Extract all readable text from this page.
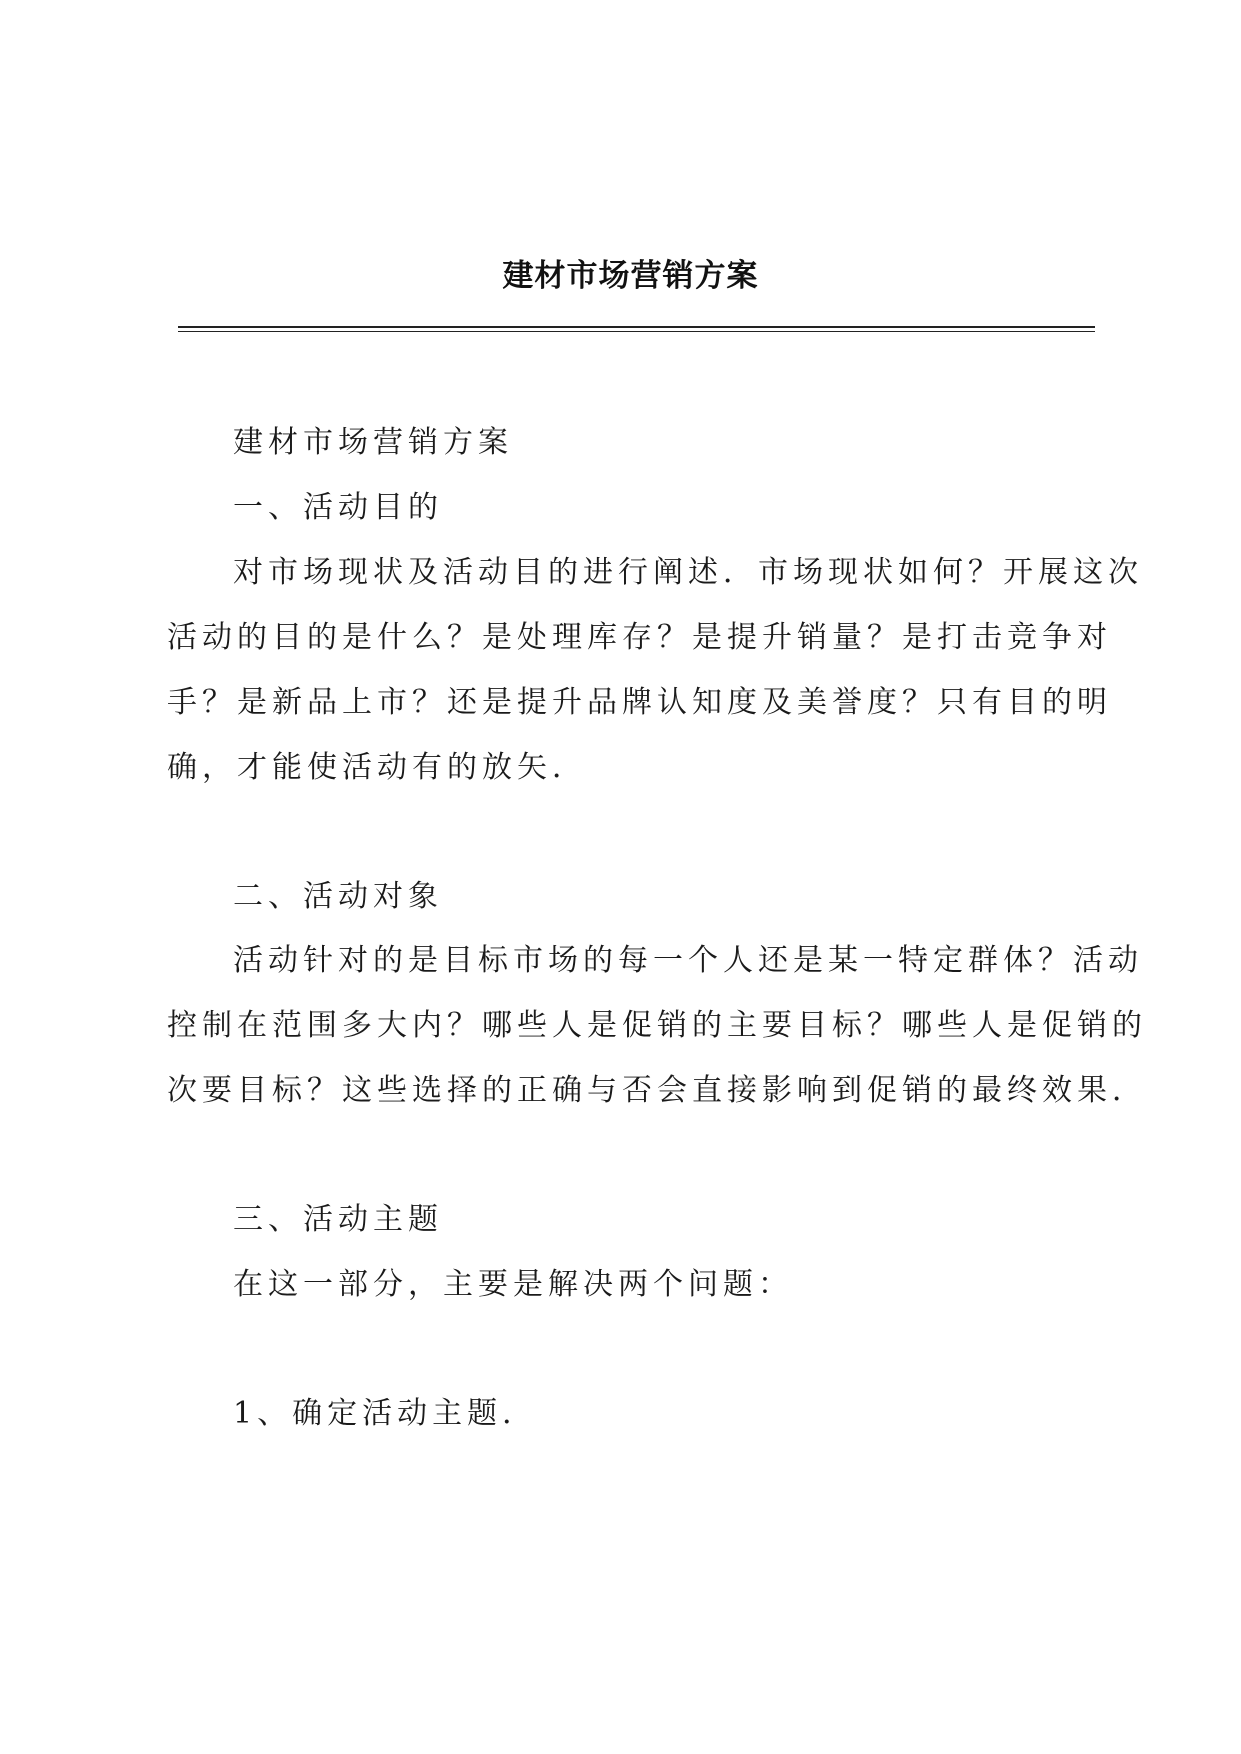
建材市场营销方案

建材市场营销方案

一、活动目的

对市场现状及活动目的进行阐述．市场现状如何？开展这次

活动的目的是什么？是处理库存？是提升销量？是打击竞争对

手？是新品上市？还是提升品牌认知度及美誉度？只有目的明

确，才能使活动有的放矢．

二、活动对象

活动针对的是目标市场的每一个人还是某一特定群体？活动

控制在范围多大内？哪些人是促销的主要目标？哪些人是促销的

次要目标？这些选择的正确与否会直接影响到促销的最终效果．

三、活动主题

在这一部分，主要是解决两个问题：

1、确定活动主题．
